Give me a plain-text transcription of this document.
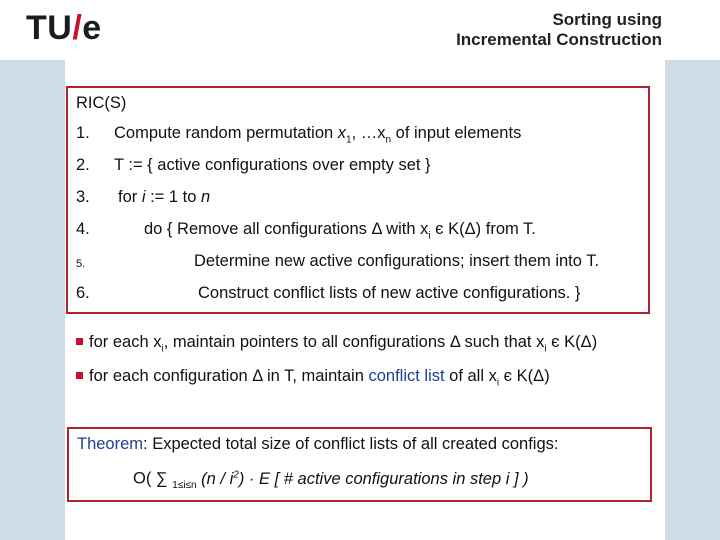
TU/e	Sorting using
Incremental Construction
RIC(S)
1. Compute random permutation $x_1$, $\dots x_n$ of input elements
2. T := { active configurations over empty set }
3. for i := 1 to n
4.	do { Remove all configurations Δ with $x_i$ є K(Δ) from T.
5.	Determine new active configurations; insert them into T.
6.	Construct conflict lists of new active configurations. }
for each $x_i$, maintain pointers to all configurations Δ such that $x_i$ є K(Δ)
for each configuration Δ in T, maintain conflict list of all $x_i$ є K(Δ)
Theorem: Expected total size of conflict lists of all created configs:
O( ∑ $_{1\le i\le n}$ $(n / i^2) \cdot E$ [ # active configurations in step i ] )
